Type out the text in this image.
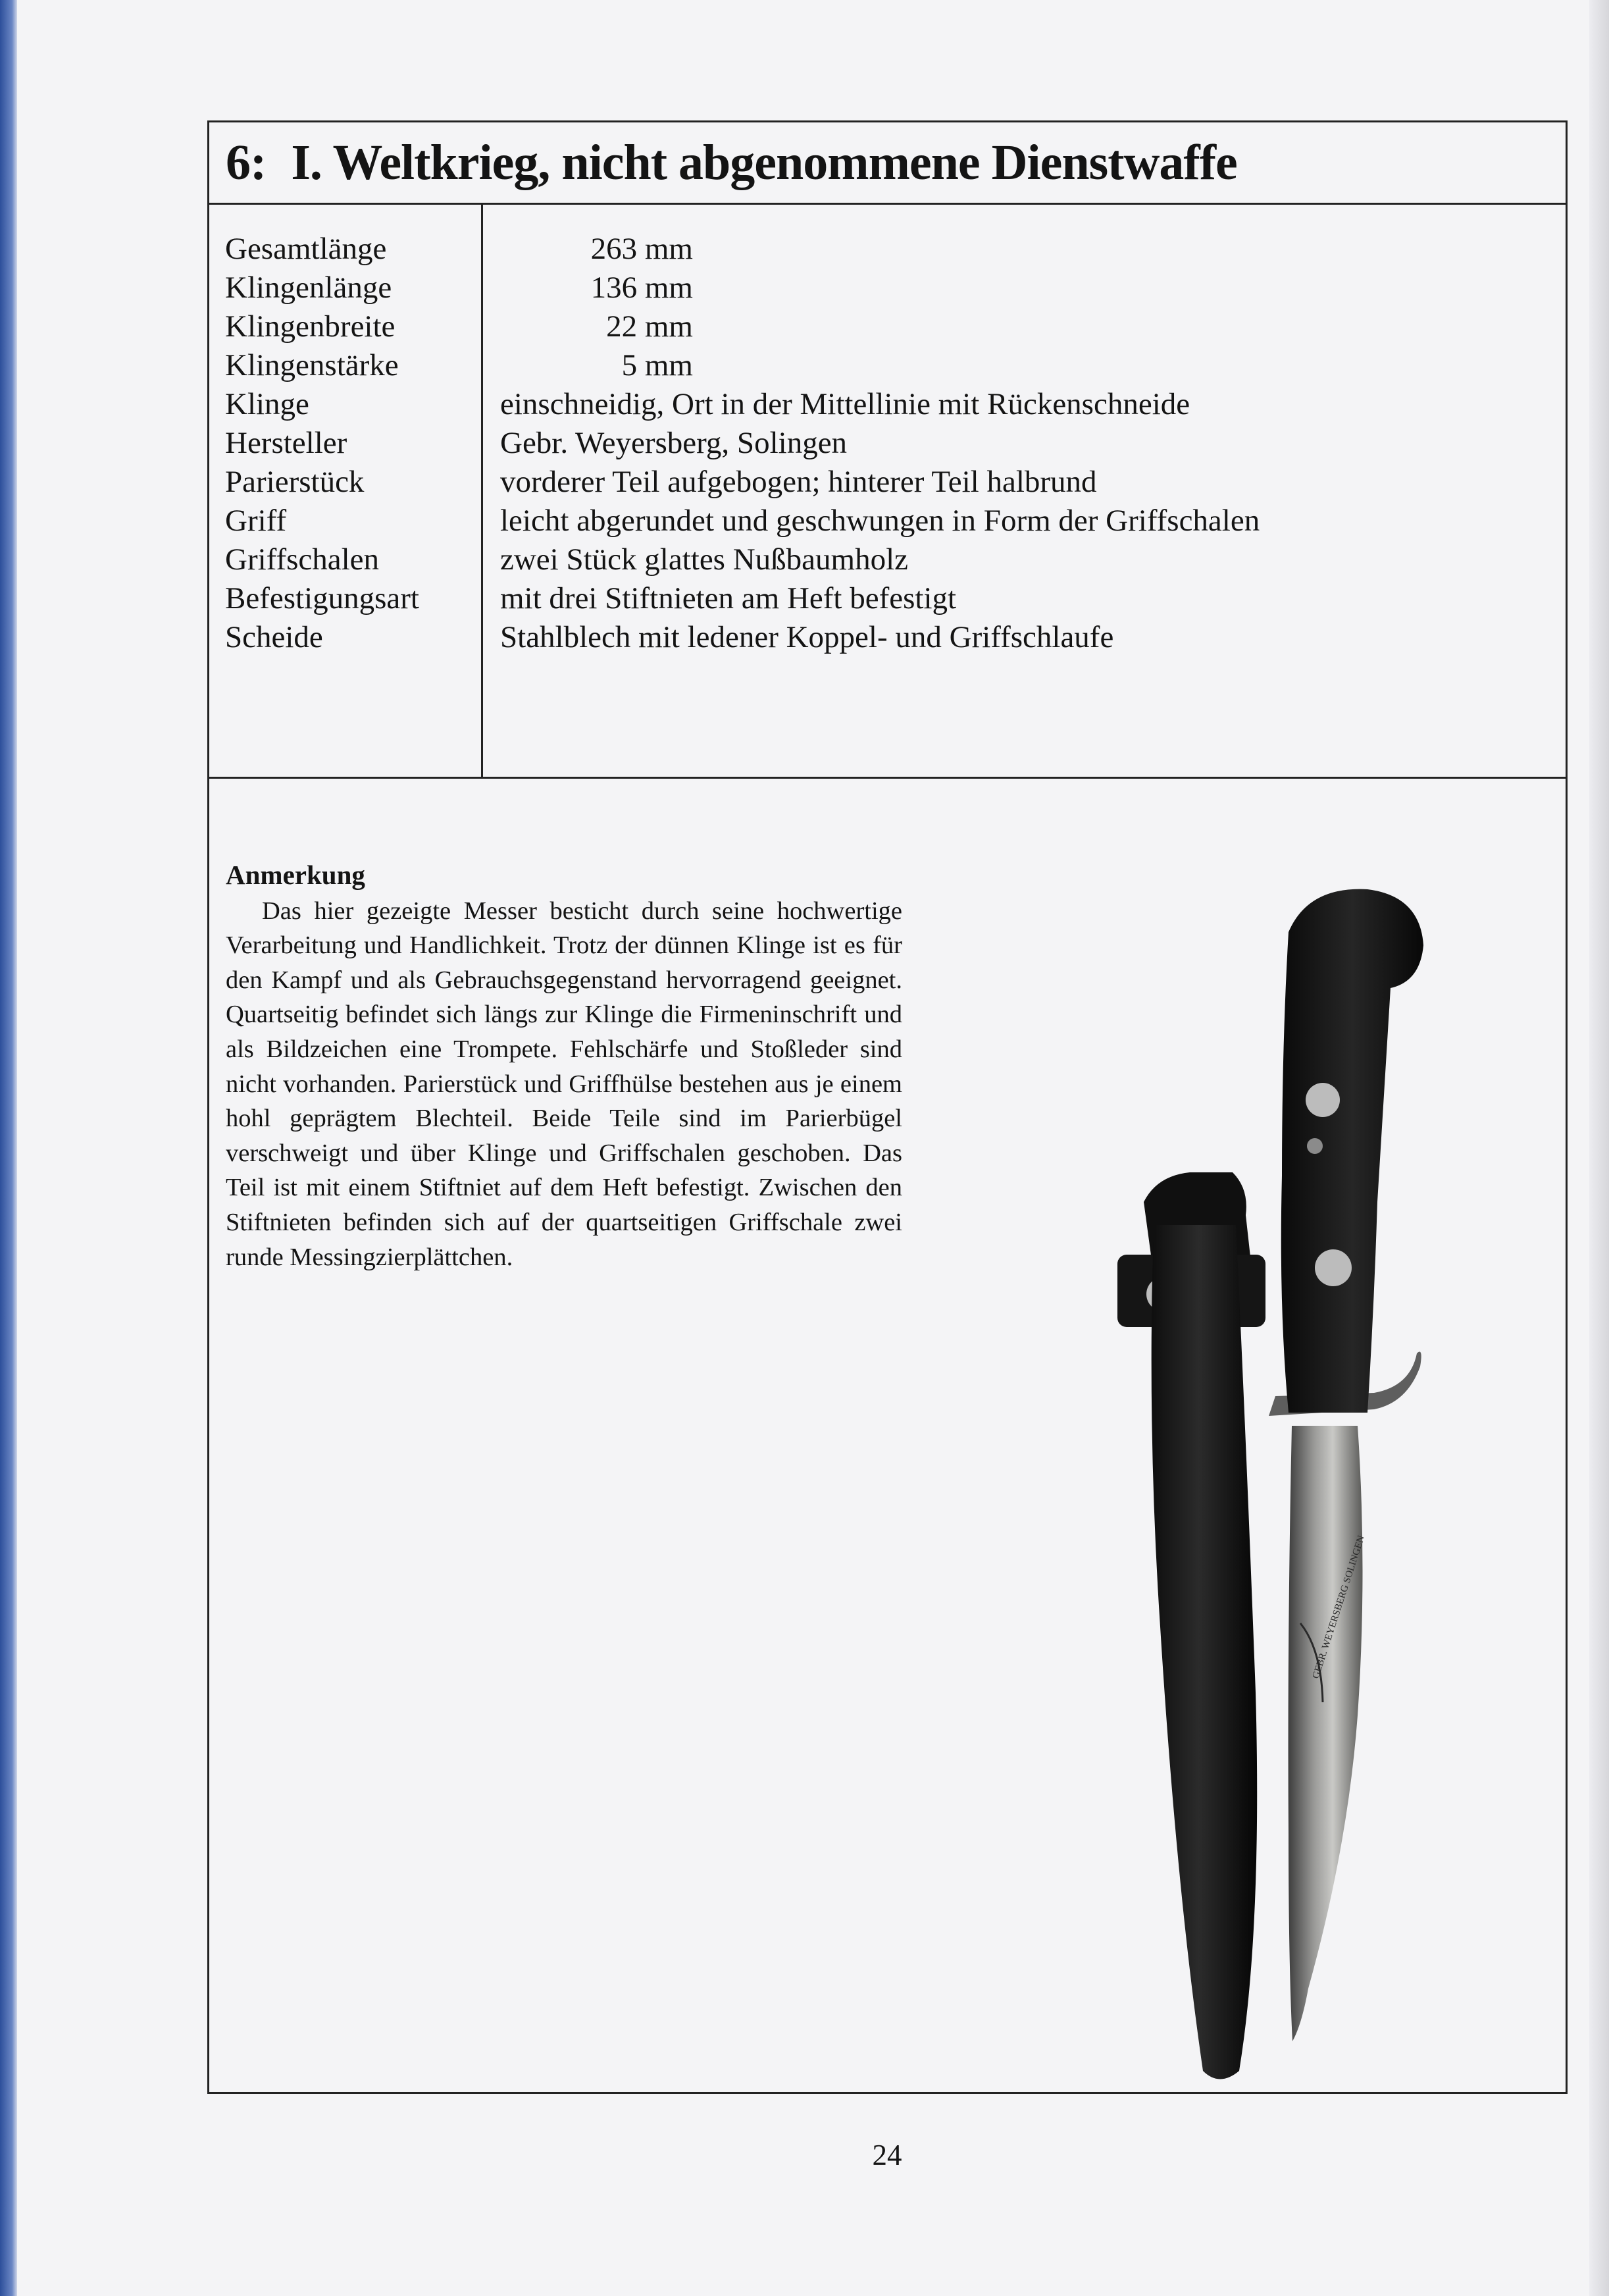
6: I. Weltkrieg, nicht abgenommene Dienstwaffe
Gesamtlänge	263 mm
Klingenlänge	136 mm
Klingenbreite	22 mm
Klingenstärke	5 mm
Klinge	einschneidig, Ort in der Mittellinie mit Rückenschneide
Hersteller	Gebr. Weyersberg, Solingen
Parierstück	vorderer Teil aufgebogen; hinterer Teil halbrund
Griff	leicht abgerundet und geschwungen in Form der Griffschalen
Griffschalen	zwei Stück glattes Nußbaumholz
Befestigungsart	mit drei Stiftnieten am Heft befestigt
Scheide	Stahlblech mit ledener Koppel- und Griffschlaufe
Anmerkung
Das hier gezeigte Messer besticht durch seine hochwertige Verarbeitung und Handlichkeit. Trotz der dünnen Klinge ist es für den Kampf und als Gebrauchsgegenstand hervorragend geeignet. Quartseitig befindet sich längs zur Klinge die Firmeninschrift und als Bildzeichen eine Trompete. Fehlschärfe und Stoßleder sind nicht vorhanden. Parierstück und Griffhülse bestehen aus je einem hohl geprägtem Blechteil. Beide Teile sind im Parierbügel verschweigt und über Klinge und Griffschalen geschoben. Das Teil ist mit einem Stiftniet auf dem Heft befestigt. Zwischen den Stiftnieten befinden sich auf der quartseitigen Griffschale zwei runde Messingzierplättchen.
GEBR. WEYERSBERG SOLINGEN
24
